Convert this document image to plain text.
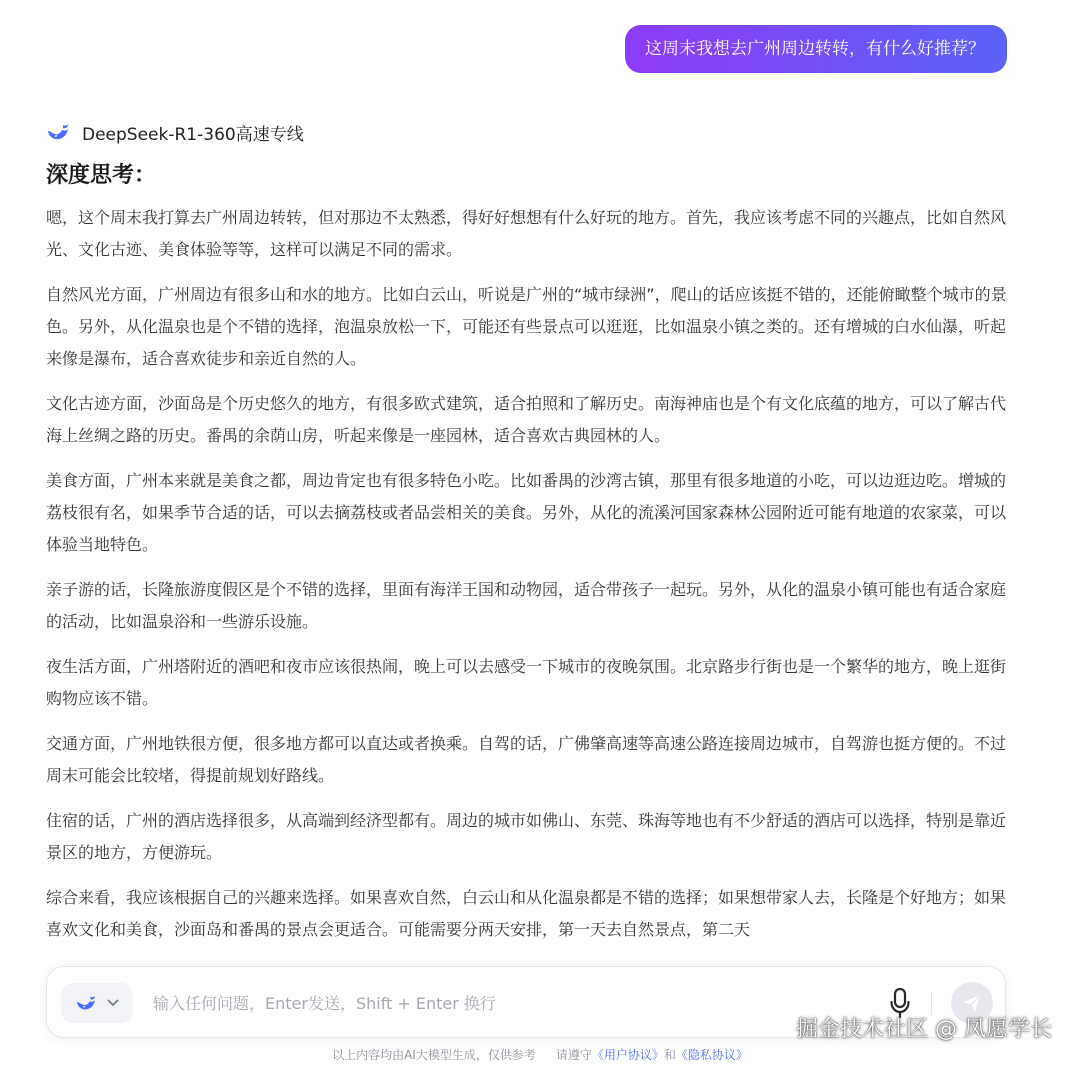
这周末我想去广州周边转转，有什么好推荐？
DeepSeek-R1-360高速专线
深度思考：

嗯，这个周末我打算去广州周边转转，但对那边不太熟悉，得好好想想有什么好玩的地方。首先，我应该考虑不同的兴趣点，比如自然风光、文化古迹、美食体验等等，这样可以满足不同的需求。

自然风光方面，广州周边有很多山和水的地方。比如白云山，听说是广州的“城市绿洲”，爬山的话应该挺不错的，还能俯瞰整个城市的景色。另外，从化温泉也是个不错的选择，泡温泉放松一下，可能还有些景点可以逛逛，比如温泉小镇之类的。还有增城的白水仙瀑，听起来像是瀑布，适合喜欢徒步和亲近自然的人。

文化古迹方面，沙面岛是个历史悠久的地方，有很多欧式建筑，适合拍照和了解历史。南海神庙也是个有文化底蕴的地方，可以了解古代海上丝绸之路的历史。番禺的余荫山房，听起来像是一座园林，适合喜欢古典园林的人。

美食方面，广州本来就是美食之都，周边肯定也有很多特色小吃。比如番禺的沙湾古镇，那里有很多地道的小吃，可以边逛边吃。增城的荔枝很有名，如果季节合适的话，可以去摘荔枝或者品尝相关的美食。另外，从化的流溪河国家森林公园附近可能有地道的农家菜，可以体验当地特色。

亲子游的话，长隆旅游度假区是个不错的选择，里面有海洋王国和动物园，适合带孩子一起玩。另外，从化的温泉小镇可能也有适合家庭的活动，比如温泉浴和一些游乐设施。

夜生活方面，广州塔附近的酒吧和夜市应该很热闹，晚上可以去感受一下城市的夜晚氛围。北京路步行街也是一个繁华的地方，晚上逛街购物应该不错。

交通方面，广州地铁很方便，很多地方都可以直达或者换乘。自驾的话，广佛肇高速等高速公路连接周边城市，自驾游也挺方便的。不过周末可能会比较堵，得提前规划好路线。

住宿的话，广州的酒店选择很多，从高端到经济型都有。周边的城市如佛山、东莞、珠海等地也有不少舒适的酒店可以选择，特别是靠近景区的地方，方便游玩。

综合来看，我应该根据自己的兴趣来选择。如果喜欢自然，白云山和从化温泉都是不错的选择；如果想带家人去，长隆是个好地方；如果喜欢文化和美食，沙面岛和番禺的景点会更适合。可能需要分两天安排，第一天去自然景点，第二天

输入任何问题，Enter发送，Shift + Enter 换行
掘金技术社区 @ 凤愿学长
以上内容均由AI大模型生成，仅供参考 请遵守《用户协议》和《隐私协议》
